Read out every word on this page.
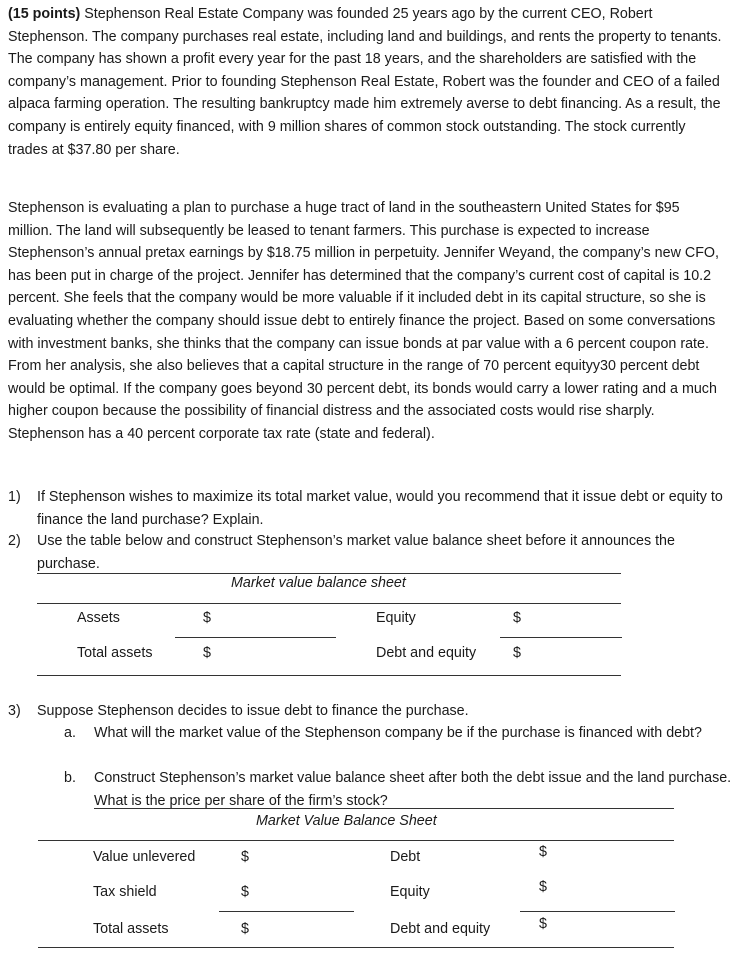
(15 points) Stephenson Real Estate Company was founded 25 years ago by the current CEO, Robert Stephenson. The company purchases real estate, including land and buildings, and rents the property to tenants. The company has shown a profit every year for the past 18 years, and the shareholders are satisfied with the company’s management. Prior to founding Stephenson Real Estate, Robert was the founder and CEO of a failed alpaca farming operation. The resulting bankruptcy made him extremely averse to debt financing. As a result, the company is entirely equity financed, with 9 million shares of common stock outstanding. The stock currently trades at $37.80 per share.

Stephenson is evaluating a plan to purchase a huge tract of land in the southeastern United States for $95 million. The land will subsequently be leased to tenant farmers. This purchase is expected to increase Stephenson’s annual pretax earnings by $18.75 million in perpetuity. Jennifer Weyand, the company’s new CFO, has been put in charge of the project. Jennifer has determined that the company’s current cost of capital is 10.2 percent. She feels that the company would be more valuable if it included debt in its capital structure, so she is evaluating whether the company should issue debt to entirely finance the project. Based on some conversations with investment banks, she thinks that the company can issue bonds at par value with a 6 percent coupon rate. From her analysis, she also believes that a capital structure in the range of 70 percent equityy30 percent debt would be optimal. If the company goes beyond 30 percent debt, its bonds would carry a lower rating and a much higher coupon because the possibility of financial distress and the associated costs would rise sharply. Stephenson has a 40 percent corporate tax rate (state and federal).

1) If Stephenson wishes to maximize its total market value, would you recommend that it issue debt or equity to finance the land purchase? Explain.
2) Use the table below and construct Stephenson’s market value balance sheet before it announces the purchase.
Market value balance sheet
Assets	$	Equity	$
Total assets	$	Debt and equity	$
3) Suppose Stephenson decides to issue debt to finance the purchase.
a. What will the market value of the Stephenson company be if the purchase is financed with debt?
b. Construct Stephenson’s market value balance sheet after both the debt issue and the land purchase. What is the price per share of the firm’s stock?
Market Value Balance Sheet
Value unlevered	$	Debt	$
Tax shield	$	Equity	$
Total assets	$	Debt and equity	$
